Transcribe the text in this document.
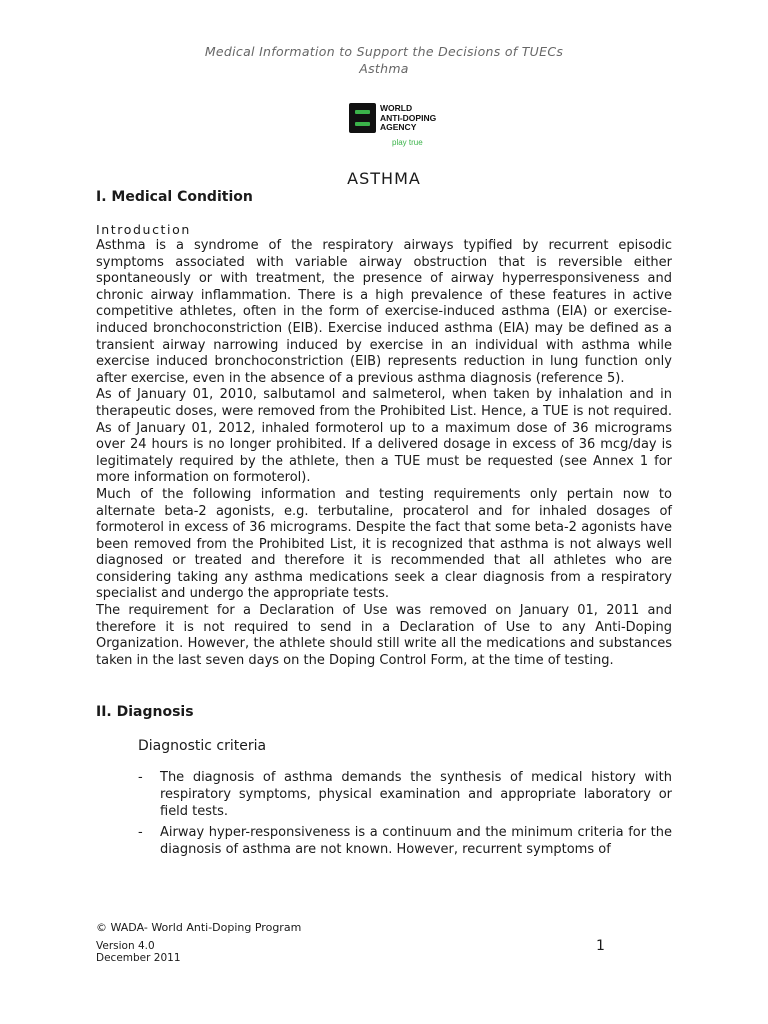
Medical Information to Support the Decisions of TUECs
Asthma
WORLD
ANTI-DOPING
AGENCY
play true
ASTHMA
I. Medical Condition
Introduction

Asthma is a syndrome of the respiratory airways typified by recurrent episodic symptoms associated with variable airway obstruction that is reversible either spontaneously or with treatment, the presence of airway hyperresponsiveness and chronic airway inflammation. There is a high prevalence of these features in active competitive athletes, often in the form of exercise-induced asthma (EIA) or exercise-induced bronchoconstriction (EIB). Exercise induced asthma (EIA) may be defined as a transient airway narrowing induced by exercise in an individual with asthma while exercise induced bronchoconstriction (EIB) represents reduction in lung function only after exercise, even in the absence of a previous asthma diagnosis (reference 5).

As of January 01, 2010, salbutamol and salmeterol, when taken by inhalation and in therapeutic doses, were removed from the Prohibited List. Hence, a TUE is not required. As of January 01, 2012, inhaled formoterol up to a maximum dose of 36 micrograms over 24 hours is no longer prohibited. If a delivered dosage in excess of 36 mcg/day is legitimately required by the athlete, then a TUE must be requested (see Annex 1 for more information on formoterol).

Much of the following information and testing requirements only pertain now to alternate beta-2 agonists, e.g. terbutaline, procaterol and for inhaled dosages of formoterol in excess of 36 micrograms. Despite the fact that some beta-2 agonists have been removed from the Prohibited List, it is recognized that asthma is not always well diagnosed or treated and therefore it is recommended that all athletes who are considering taking any asthma medications seek a clear diagnosis from a respiratory specialist and undergo the appropriate tests.

The requirement for a Declaration of Use was removed on January 01, 2011 and therefore it is not required to send in a Declaration of Use to any Anti-Doping Organization. However, the athlete should still write all the medications and substances taken in the last seven days on the Doping Control Form, at the time of testing.

II. Diagnosis
Diagnostic criteria
- The diagnosis of asthma demands the synthesis of medical history with respiratory symptoms, physical examination and appropriate laboratory or field tests.
- Airway hyper-responsiveness is a continuum and the minimum criteria for the diagnosis of asthma are not known. However, recurrent symptoms of
© WADA- World Anti-Doping Program
Version 4.0
December 2011
1
